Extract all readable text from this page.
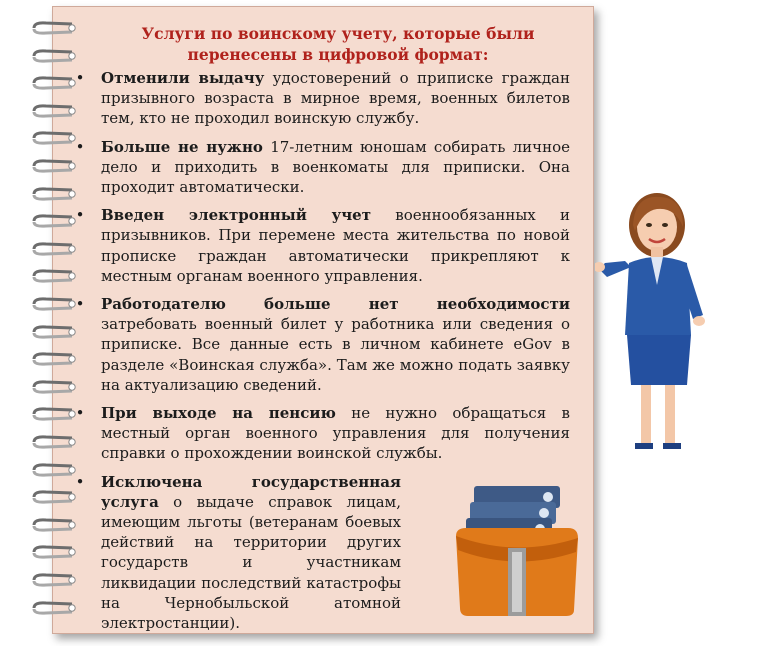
Услуги по воинскому учету, которые были
перенесены в цифровой формат:
•	Отменили выдачу удостоверений о приписке граждан призывного возраста в мирное время, военных билетов тем, кто не проходил воинскую службу.
•	Больше не нужно 17-летним юношам собирать личное дело и приходить в военкоматы для приписки. Она проходит автоматически.
•	Введен электронный учет военнообязанных и призывников. При перемене места жительства по новой прописке граждан автоматически прикрепляют к местным органам военного управления.
•	Работодателю больше нет необходимости затребовать военный билет у работника или сведения о приписке. Все данные есть в личном кабинете eGov в разделе «Воинская служба». Там же можно подать заявку на актуализацию сведений.
•	При выходе на пенсию не нужно обращаться в местный орган военного управления для получения справки о прохождении воинской службы.
•	Исключена государственная услуга о выдаче справок лицам, имеющим льготы (ветеранам боевых действий на территории других государств и участникам ликвидации последствий катастрофы на Чернобыльской атомной электростанции).
